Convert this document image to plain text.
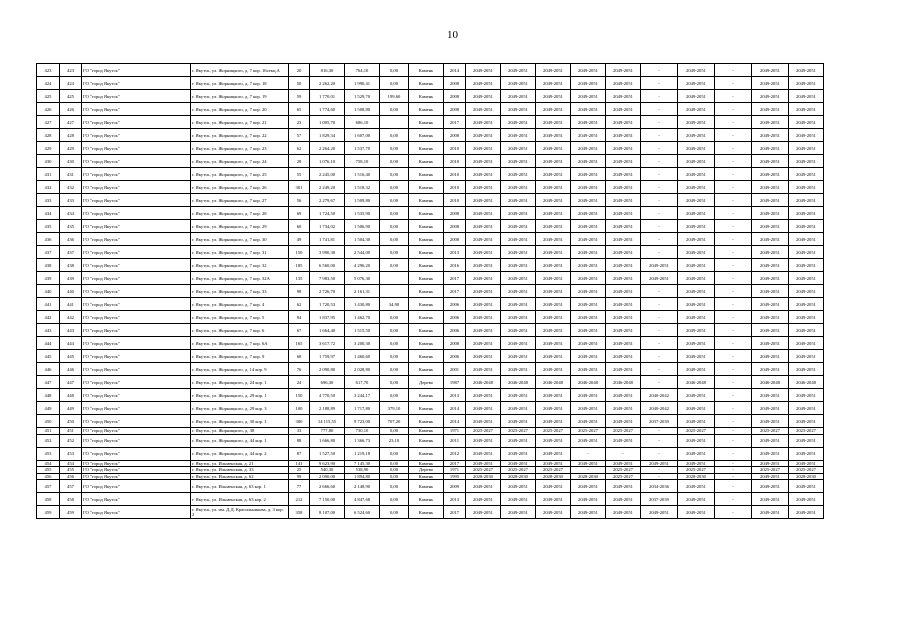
10
423	423	ГО "город Якутск"	г. Якутск, ул. Жорницкого, д. 7 кор. 16секц.А	20	816,30	764,10	0,00	Камень	2014	2049-2051	2049-2051	2049-2051	2049-2051	2049-2051	-	2049-2051	-	2049-2051	2049-2051
424	424	ГО "город Якутск"	г. Якутск, ул. Жорницкого, д. 7 кор. 18	50	2 262,20	1 990,41	0,00	Камень	2008	2049-2051	2049-2051	2049-2051	2049-2051	2049-2051	-	2049-2051	-	2049-2051	2049-2051
425	425	ГО "город Якутск"	г. Якутск, ул. Жорницкого, д. 7 кор. 19	59	1 770,01	1 529,70	199,60	Камень	2008	2049-2051	2049-2051	2049-2051	2049-2051	2049-2051	-	2049-2051	-	2049-2051	2049-2051
426	426	ГО "город Якутск"	г. Якутск, ул. Жорницкого, д. 7 кор. 20	65	1 774,60	1 508,80	0,00	Камень	2008	2049-2051	2049-2051	2049-2051	2049-2051	2049-2051	-	2049-2051	-	2049-2051	2049-2051
427	427	ГО "город Якутск"	г. Якутск, ул. Жорницкого, д. 7 кор. 21	23	1 005,70	686,10		Камень	2017	2049-2051	2049-2051	2049-2051	2049-2051	2049-2051	-	2049-2051	-	2049-2051	2049-2051
428	428	ГО "город Якутск"	г. Якутск, ул. Жорницкого, д. 7 кор. 22	57	1 829,34	1 607,00	0,00	Камень	2008	2049-2051	2049-2051	2049-2051	2049-2051	2049-2051	-	2049-2051	-	2049-2051	2049-2051
429	429	ГО "город Якутск"	г. Якутск, ул. Жорницкого, д. 7 кор. 23	62	2 264,20	1 537,70	0,00	Камень	2010	2049-2051	2049-2051	2049-2051	2049-2051	2049-2051	-	2049-2051	-	2049-2051	2049-2051
430	430	ГО "город Якутск"	г. Якутск, ул. Жорницкого, д. 7 кор. 24	28	1 076,10	758,10	0,00	Камень	2010	2049-2051	2049-2051	2049-2051	2049-2051	2049-2051	-	2049-2051	-	2049-2051	2049-2051
431	431	ГО "город Якутск"	г. Якутск, ул. Жорницкого, д. 7 кор. 25	55	2 245,00	1 516,40	0,00	Камень	2010	2049-2051	2049-2051	2049-2051	2049-2051	2049-2051	-	2049-2051	-	2049-2051	2049-2051
432	432	ГО "город Якутск"	г. Якутск, ул. Жорницкого, д. 7 кор. 26	301	2 249,20	1 518,32	0,00	Камень	2010	2049-2051	2049-2051	2049-2051	2049-2051	2049-2051	-	2049-2051	-	2049-2051	2049-2051
433	433	ГО "город Якутск"	г. Якутск, ул. Жорницкого, д. 7 кор. 27	56	2 279,67	1 509,80	0,00	Камень	2010	2049-2051	2049-2051	2049-2051	2049-2051	2049-2051	-	2049-2051	-	2049-2051	2049-2051
434	434	ГО "город Якутск"	г. Якутск, ул. Жорницкого, д. 7 кор. 28	69	1 724,50	1 535,90	0,00	Камень	2008	2049-2051	2049-2051	2049-2051	2049-2051	2049-2051	-	2049-2051	-	2049-2051	2049-2051
435	435	ГО "город Якутск"	г. Якутск, ул. Жорницкого, д. 7 кор. 29	60	1 734,02	1 506,90	0,00	Камень	2008	2049-2051	2049-2051	2049-2051	2049-2051	2049-2051	-	2049-2051	-	2049-2051	2049-2051
436	436	ГО "город Якутск"	г. Якутск, ул. Жорницкого, д. 7 кор. 30	49	1 741,81	1 504,30	0,00	Камень	2008	2049-2051	2049-2051	2049-2051	2049-2051	2049-2051	-	2049-2051	-	2049-2051	2049-2051
437	437	ГО "город Якутск"	г. Якутск, ул. Жорницкого, д. 7 кор. 31	150	3 990,30	2 544,00	0,00	Камень	2013	2049-2051	2049-2051	2049-2051	2049-2051	2049-2051	-	2049-2051	-	2049-2051	2049-2051
438	438	ГО "город Якутск"	г. Якутск, ул. Жорницкого, д. 7 кор. 32	185	6 560,00	4 296,20	0,00	Камень	2016	2049-2051	2049-2051	2049-2051	2049-2051	2049-2051	2049-2051	2049-2051	-	2049-2051	2049-2051
439	439	ГО "город Якутск"	г. Якутск, ул. Жорницкого, д. 7 кор. 32А	135	7 983,50	5 076,30		Камень	2017	2049-2051	2049-2051	2049-2051	2049-2051	2049-2051	2049-2051	2049-2051	-	2049-2051	2049-2051
440	440	ГО "город Якутск"	г. Якутск, ул. Жорницкого, д. 7 кор. 33	98	2 726,70	2 161,31		Камень	2017	2049-2051	2049-2051	2049-2051	2049-2051	2049-2051	-	2049-2051	-	2049-2051	2049-2051
441	441	ГО "город Якутск"	г. Якутск, ул. Жорницкого, д. 7 кор. 4	62	1 720,53	1 430,80	34,90	Камень	2006	2049-2051	2049-2051	2049-2051	2049-2051	2049-2051	-	2049-2051	-	2049-2051	2049-2051
442	442	ГО "город Якутск"	г. Якутск, ул. Жорницкого, д. 7 кор. 5	94	1 837,95	1 462,70	0,00	Камень	2006	2049-2051	2049-2051	2049-2051	2049-2051	2049-2051	-	2049-2051	-	2049-2051	2049-2051
443	443	ГО "город Якутск"	г. Якутск, ул. Жорницкого, д. 7 кор. 6	67	1 664,40	1 515,50	0,00	Камень	2006	2049-2051	2049-2051	2049-2051	2049-2051	2049-2051	-	2049-2051	-	2049-2051	2049-2051
444	444	ГО "город Якутск"	г. Якутск, ул. Жорницкого, д. 7 кор. 6А	165	3 617,72	3 200,30	0,00	Камень	2008	2049-2051	2049-2051	2049-2051	2049-2051	2049-2051	-	2049-2051	-	2049-2051	2049-2051
445	445	ГО "город Якутск"	г. Якутск, ул. Жорницкого, д. 7 кор. 9	68	1 759,97	1 460,60	0,00	Камень	2006	2049-2051	2049-2051	2049-2051	2049-2051	2049-2051	-	2049-2051	-	2049-2051	2049-2051
446	446	ГО "город Якутск"	г. Якутск, ул. Жорницкого, д. 14 кор. 9	76	2 090,80	2 028,80	0,00	Камень	2001	2049-2051	2049-2051	2049-2051	2049-2051	2049-2051	-	2049-2051	-	2049-2051	2049-2051
447	447	ГО "город Якутск"	г. Якутск, ул. Жорницкого, д. 24 кор. 1	24	696,30	617,70	0,00	Дерево	1987	2046-2048	2046-2048	2046-2048	2046-2048	2046-2048	-	2046-2048	-	2046-2048	2046-2048
448	448	ГО "город Якутск"	г. Якутск, ул. Жорницкого, д. 29 кор. 1	150	4 770,50	3 244,17	0,00	Камень	2013	2049-2051	2049-2051	2049-2051	2049-2051	2049-2051	2040-2042	2049-2051	-	2049-2051	2049-2051
449	449	ГО "город Якутск"	г. Якутск, ул. Жорницкого, д. 29 кор. 3	100	2 188,89	1 717,80	379,10	Камень	2014	2049-2051	2049-2051	2049-2051	2049-2051	2049-2051	2040-2042	2049-2051	-	2049-2051	2049-2051
450	450	ГО "город Якутск"	г. Якутск, ул. Жорницкого, д. 30 кор. 1	300	14 115,55	9 723,00	707,20	Камень	2014	2049-2051	2049-2051	2049-2051	2049-2051	2049-2051	2037-2039	2049-2051	-	2049-2051	2049-2051
451	451	ГО "город Якутск"	г. Якутск, ул. Жорницкого, д. 38	33	777,80	730,10	0,00	Камень	1971	2025-2027	2025-2027	2025-2027	2025-2027	2025-2027	-	2025-2027	-	2025-2027	2025-2027
452	452	ГО "город Якутск"	г. Якутск, ул. Жорницкого, д. 44 кор. 1	88	1 666,80	1 366,73	23,10	Камень	2011	2049-2051	2049-2051	2049-2051	2049-2051	2049-2051	-	2049-2051	-	2049-2051	2049-2051
453	453	ГО "город Якутск"	г. Якутск, ул. Жорницкого, д. 44 кор. 2	87	1 527,50	1 219,18	0,00	Камень	2012	2049-2051	2049-2051	2049-2051	-	-	-	2049-2051	-	2049-2051	2049-2051
454	454	ГО "город Якутск"	г. Якутск, ул. Ильменская, д. 21	141	9 623,90	7 145,30	0,00	Камень	2017	2049-2051	2049-2051	2049-2051	2049-2051	2049-2051	2049-2051	2049-2051	-	2049-2051	2049-2051
455	455	ГО "город Якутск"	г. Якутск, ул. Ильменская, д. 33	25	540,30	538,90	0,00	Дерево	1971	2025-2027	2025-2027	2025-2027	-	2025-2027	-	2025-2027	-	2025-2027	2025-2027
456	456	ГО "город Якутск"	г. Якутск, ул. Ильменская, д. 62	99	2 090,00	1 894,80	0,00	Камень	1995	2028-2030	2028-2030	2028-2030	2028-2030	2025-2027	-	2028-2030	-	2049-2051	2028-2030
457	457	ГО "город Якутск"	г. Якутск, ул. Ильменская, д. 63 кор. 1	77	2 666,60	2 148,90	0,00	Камень	2009	2049-2051	2049-2051	2049-2051	2049-2051	2049-2051	2034-2036	2049-2051	-	2049-2051	2049-2051
458	458	ГО "город Якутск"	г. Якутск, ул. Ильменская, д. 63 кор. 2	212	7 150,00	4 847,68	0,00	Камень	2013	2049-2051	2049-2051	2049-2051	2049-2051	2049-2051	2037-2039	2049-2051	-	2049-2051	2049-2051
459	459	ГО "город Якутск"	г. Якутск, ул. им. Д.Д. Красильникова, д. 3 кор. 2	358	8 107,00	6 524,60	0,00	Камень	2017	2049-2051	2049-2051	2049-2051	2049-2051	2049-2051	2049-2051	2049-2051	-	2049-2051	2049-2051
